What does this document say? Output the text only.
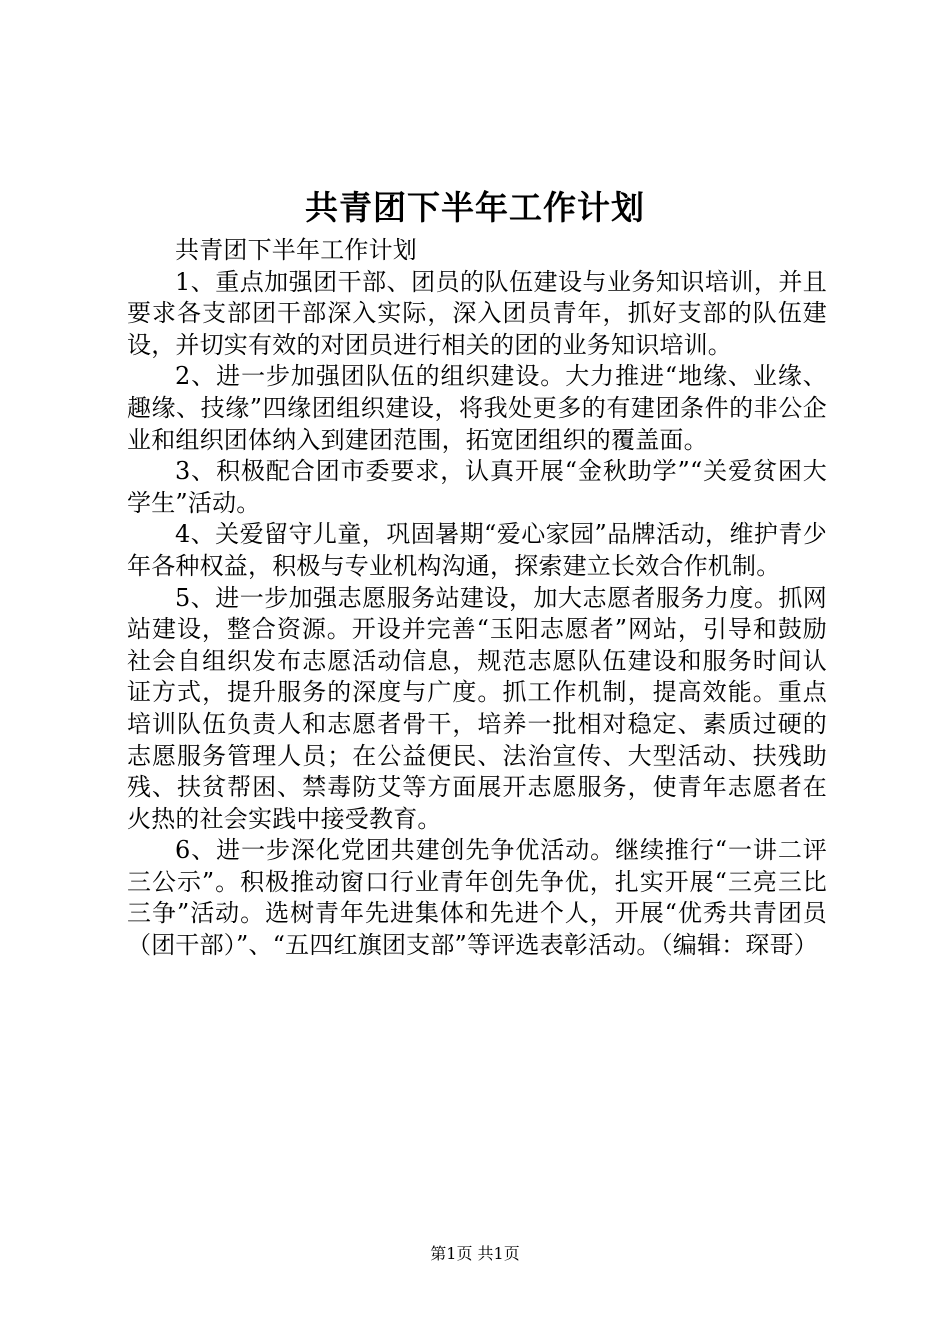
共青团下半年工作计划

共青团下半年工作计划

1、重点加强团干部、团员的队伍建设与业务知识培训，并且要求各支部团干部深入实际，深入团员青年，抓好支部的队伍建设，并切实有效的对团员进行相关的团的业务知识培训。

2、进一步加强团队伍的组织建设。大力推进“地缘、业缘、趣缘、技缘”四缘团组织建设，将我处更多的有建团条件的非公企业和组织团体纳入到建团范围，拓宽团组织的覆盖面。

3、积极配合团市委要求，认真开展“金秋助学”“关爱贫困大学生”活动。

4、关爱留守儿童，巩固暑期“爱心家园”品牌活动，维护青少年各种权益，积极与专业机构沟通，探索建立长效合作机制。

5、进一步加强志愿服务站建设，加大志愿者服务力度。抓网站建设，整合资源。开设并完善“玉阳志愿者”网站，引导和鼓励社会自组织发布志愿活动信息，规范志愿队伍建设和服务时间认证方式，提升服务的深度与广度。抓工作机制，提高效能。重点培训队伍负责人和志愿者骨干，培养一批相对稳定、素质过硬的志愿服务管理人员；在公益便民、法治宣传、大型活动、扶残助残、扶贫帮困、禁毒防艾等方面展开志愿服务，使青年志愿者在火热的社会实践中接受教育。

6、进一步深化党团共建创先争优活动。继续推行“一讲二评三公示”。积极推动窗口行业青年创先争优，扎实开展“三亮三比三争”活动。选树青年先进集体和先进个人，开展“优秀共青团员（团干部）”、“五四红旗团支部”等评选表彰活动。（编辑：琛哥）

第1页 共1页
